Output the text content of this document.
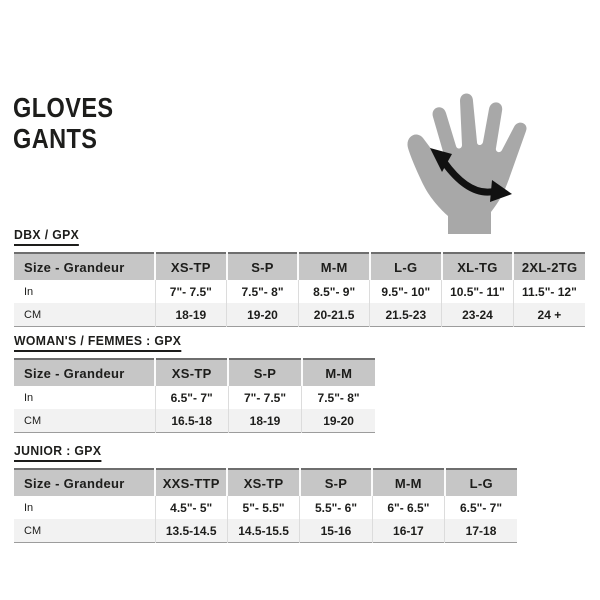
GLOVES
GANTS
DBX / GPX
Size - Grandeur	XS-TP	S-P	M-M	L-G	XL-TG	2XL-2TG
In	7"- 7.5"	7.5"- 8"	8.5"- 9"	9.5"- 10"	10.5"- 11"	11.5"- 12"
CM	18-19	19-20	20-21.5	21.5-23	23-24	24 +
WOMAN'S / FEMMES : GPX
Size - Grandeur	XS-TP	S-P	M-M
In	6.5"- 7"	7"- 7.5"	7.5"- 8"
CM	16.5-18	18-19	19-20
JUNIOR : GPX
Size - Grandeur	XXS-TTP	XS-TP	S-P	M-M	L-G
In	4.5"- 5"	5"- 5.5"	5.5"- 6"	6"- 6.5"	6.5"- 7"
CM	13.5-14.5	14.5-15.5	15-16	16-17	17-18
